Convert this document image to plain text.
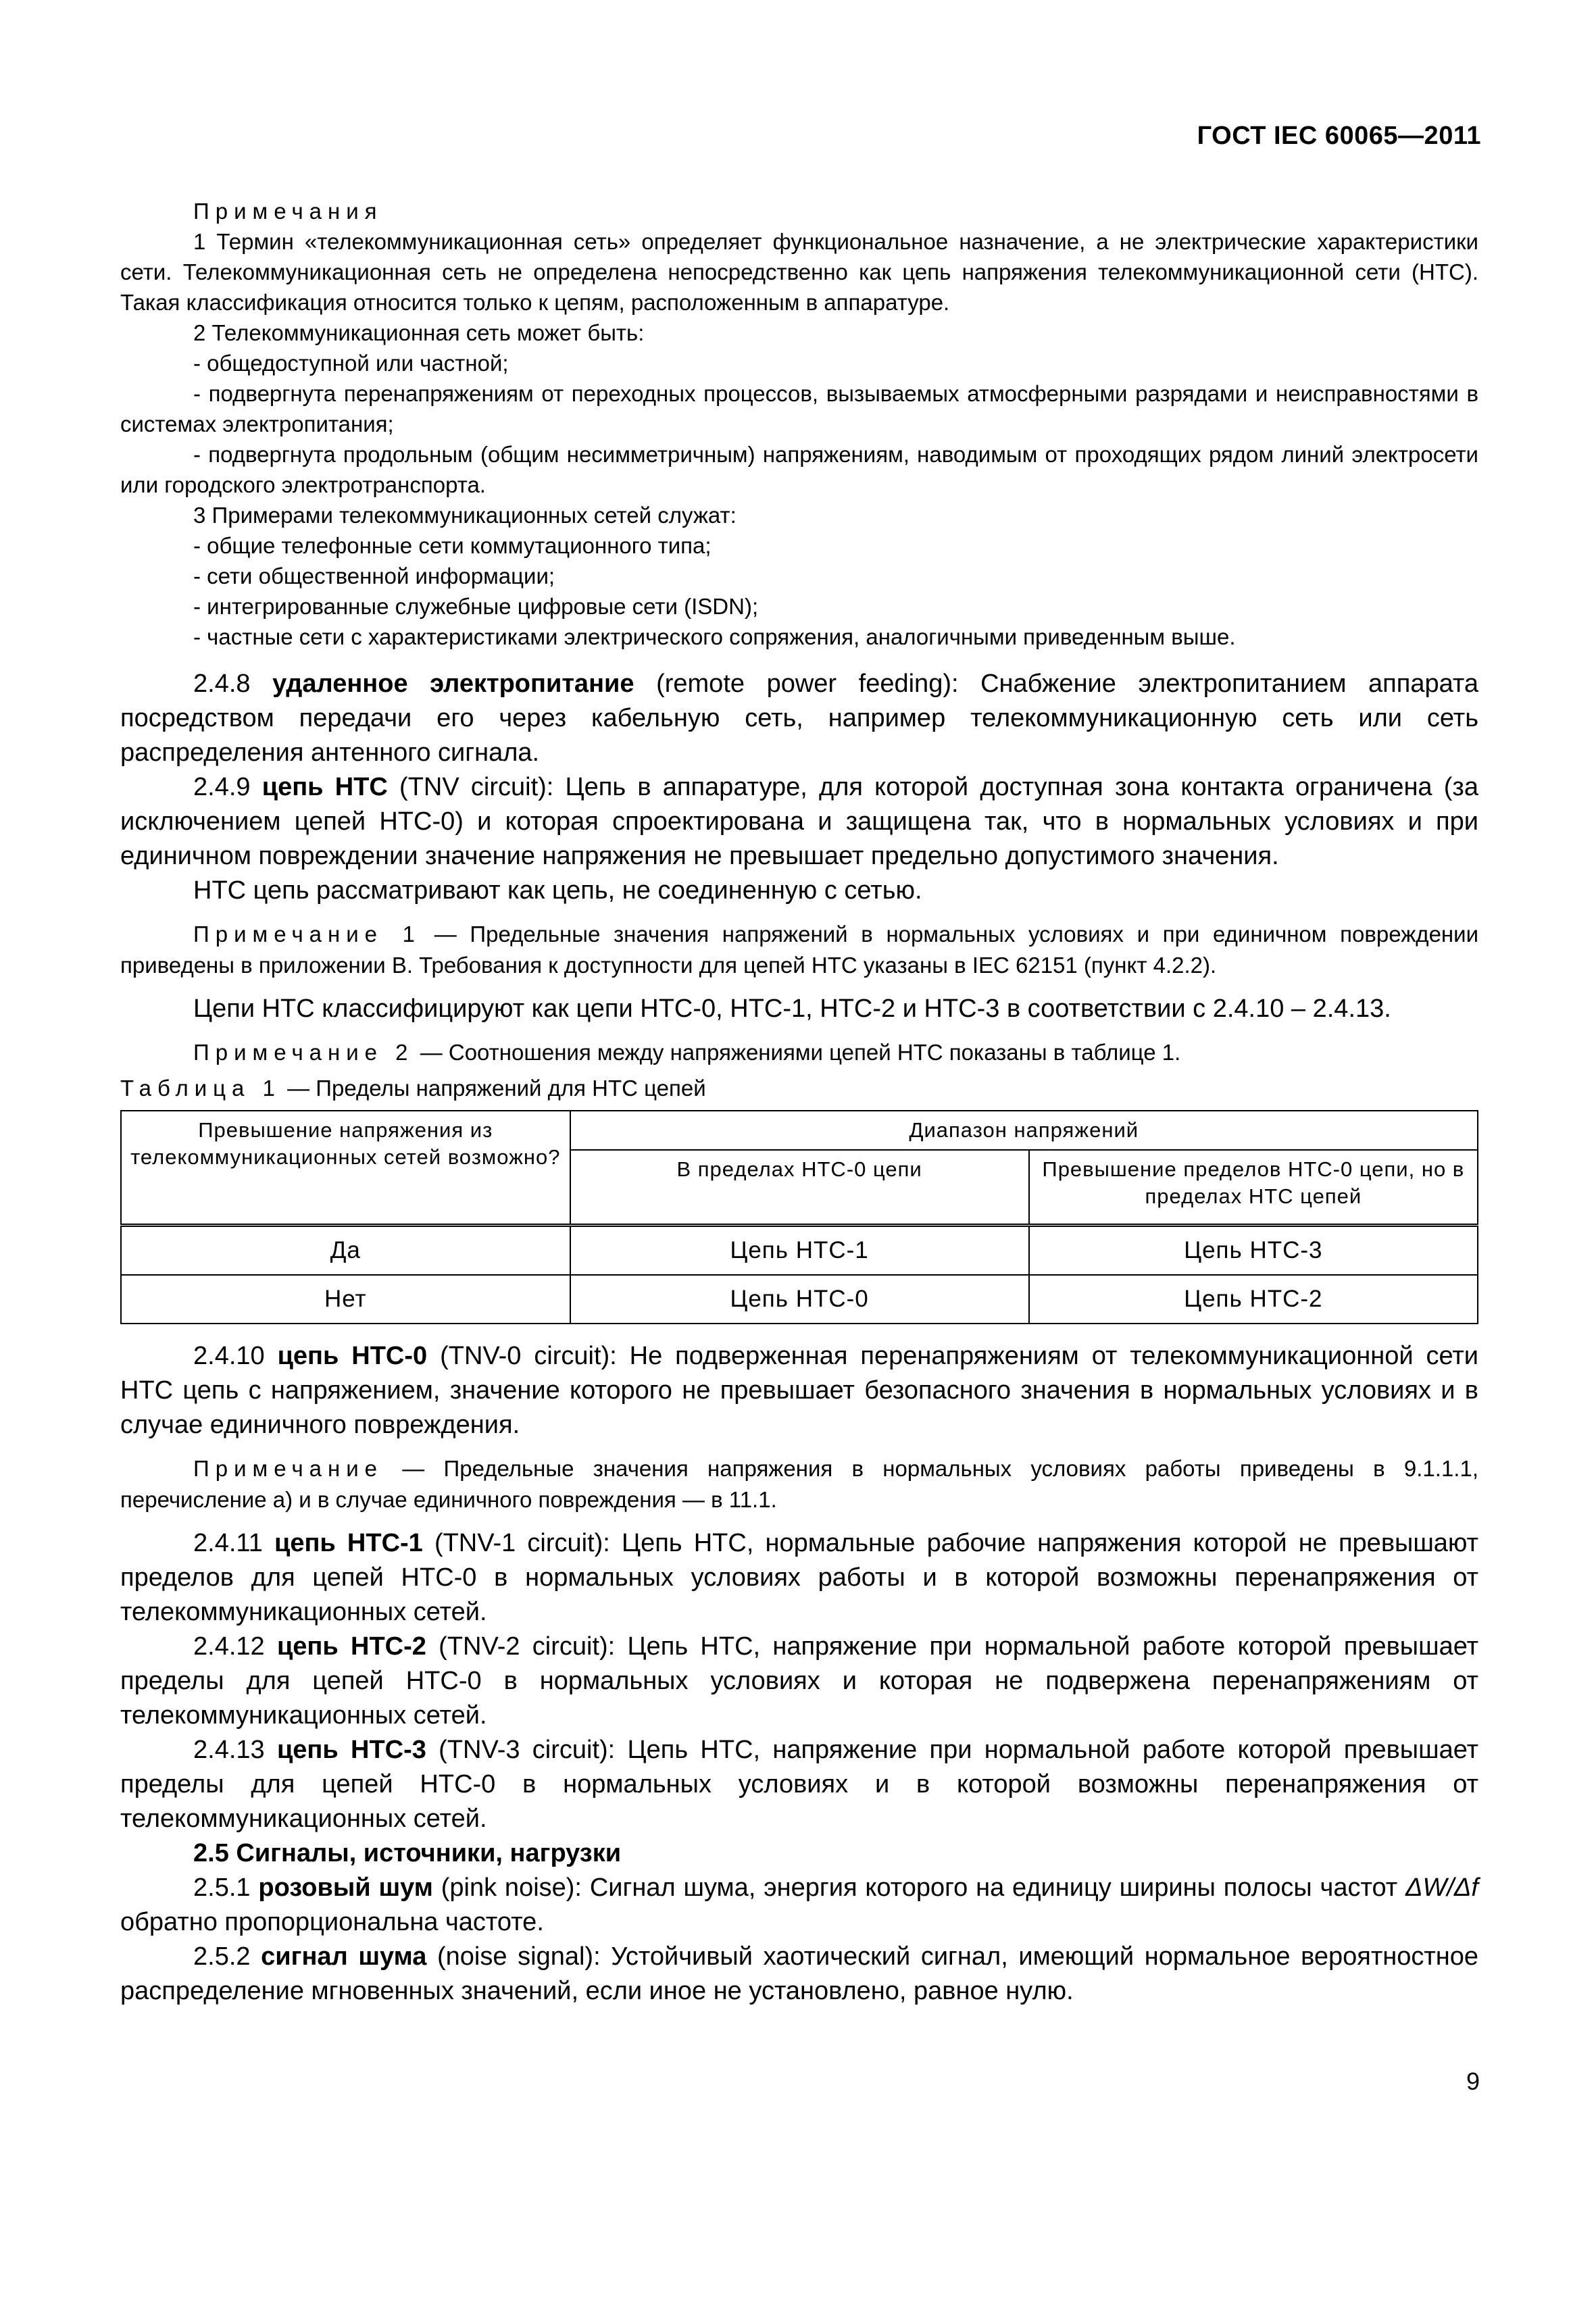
ГОСТ IEC 60065—2011

Примечания

1 Термин «телекоммуникационная сеть» определяет функциональное назначение, а не электрические характеристики сети. Телекоммуникационная сеть не определена непосредственно как цепь напряжения телекоммуникационной сети (НТС). Такая классификация относится только к цепям, расположенным в аппаратуре.

2 Телекоммуникационная сеть может быть:

- общедоступной или частной;

- подвергнута перенапряжениям от переходных процессов, вызываемых атмосферными разрядами и неисправностями в системах электропитания;

- подвергнута продольным (общим несимметричным) напряжениям, наводимым от проходящих рядом линий электросети или городского электротранспорта.

3 Примерами телекоммуникационных сетей служат:

- общие телефонные сети коммутационного типа;

- сети общественной информации;

- интегрированные служебные цифровые сети (ISDN);

- частные сети с характеристиками электрического сопряжения, аналогичными приведенным выше.

2.4.8 удаленное электропитание (remote power feeding): Снабжение электропитанием аппарата посредством передачи его через кабельную сеть, например телекоммуникационную сеть или сеть распределения антенного сигнала.

2.4.9 цепь НТС (TNV circuit): Цепь в аппаратуре, для которой доступная зона контакта ограничена (за исключением цепей НТС-0) и которая спроектирована и защищена так, что в нормальных условиях и при единичном повреждении значение напряжения не превышает предельно допустимого значения.

НТС цепь рассматривают как цепь, не соединенную с сетью.

Примечание 1 — Предельные значения напряжений в нормальных условиях и при единичном повреждении приведены в приложении В. Требования к доступности для цепей НТС указаны в IEC 62151 (пункт 4.2.2).

Цепи НТС классифицируют как цепи НТС-0, НТС-1, НТС-2 и НТС-3 в соответствии с 2.4.10 – 2.4.13.

Примечание 2 — Соотношения между напряжениями цепей НТС показаны в таблице 1.

Таблица 1 — Пределы напряжений для НТС цепей

Превышение напряжения из телекоммуникационных сетей возможно?	Диапазон напряжений	
	В пределах НТС-0 цепи	Превышение пределов НТС-0 цепи, но в пределах НТС цепей
Да	Цепь НТС-1	Цепь НТС-3
Нет	Цепь НТС-0	Цепь НТС-2

2.4.10 цепь НТС-0 (TNV-0 circuit): Не подверженная перенапряжениям от телекоммуникационной сети НТС цепь с напряжением, значение которого не превышает безопасного значения в нормальных условиях и в случае единичного повреждения.

Примечание — Предельные значения напряжения в нормальных условиях работы приведены в 9.1.1.1, перечисление а) и в случае единичного повреждения — в 11.1.

2.4.11 цепь НТС-1 (TNV-1 circuit): Цепь НТС, нормальные рабочие напряжения которой не превышают пределов для цепей НТС-0 в нормальных условиях работы и в которой возможны перенапряжения от телекоммуникационных сетей.

2.4.12 цепь НТС-2 (TNV-2 circuit): Цепь НТС, напряжение при нормальной работе которой превышает пределы для цепей НТС-0 в нормальных условиях и которая не подвержена перенапряжениям от телекоммуникационных сетей.

2.4.13 цепь НТС-3 (TNV-3 circuit): Цепь НТС, напряжение при нормальной работе которой превышает пределы для цепей НТС-0 в нормальных условиях и в которой возможны перенапряжения от телекоммуникационных сетей.

2.5 Сигналы, источники, нагрузки

2.5.1 розовый шум (pink noise): Сигнал шума, энергия которого на единицу ширины полосы частот ΔW/Δf обратно пропорциональна частоте.

2.5.2 сигнал шума (noise signal): Устойчивый хаотический сигнал, имеющий нормальное вероятностное распределение мгновенных значений, если иное не установлено, равное нулю.

9
